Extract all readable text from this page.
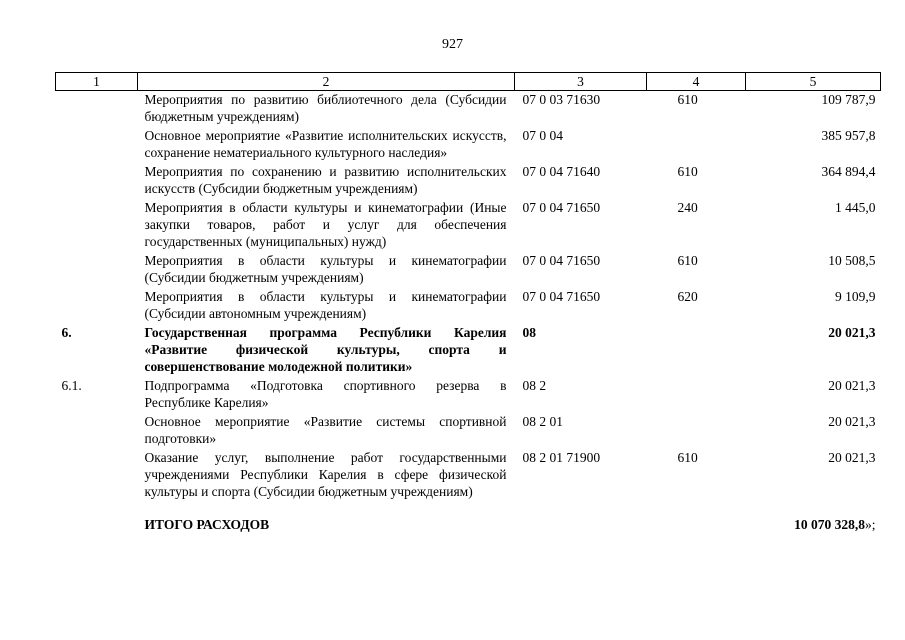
927
1	2	3	4	5
	Мероприятия по развитию библиотечного дела (Субсидии бюджетным учреждениям)	07 0 03 71630	610	109 787,9
	Основное мероприятие «Развитие исполнительских искусств, сохранение нематериального культурного наследия»	07 0 04		385 957,8
	Мероприятия по сохранению и развитию исполнительских искусств (Субсидии бюджетным учреждениям)	07 0 04 71640	610	364 894,4
	Мероприятия в области культуры и кинематографии (Иные закупки товаров, работ и услуг для обеспечения государственных (муниципальных) нужд)	07 0 04 71650	240	1 445,0
	Мероприятия в области культуры и кинематографии (Субсидии бюджетным учреждениям)	07 0 04 71650	610	10 508,5
	Мероприятия в области культуры и кинематографии (Субсидии автономным учреждениям)	07 0 04 71650	620	9 109,9
6.	Государственная программа Республики Карелия «Развитие физической культуры, спорта и совершенствование молодежной политики»	08		20 021,3
6.1.	Подпрограмма «Подготовка спортивного резерва в Республике Карелия»	08 2		20 021,3
	Основное мероприятие «Развитие системы спортивной подготовки»	08 2 01		20 021,3
	Оказание услуг, выполнение работ государственными учреждениями Республики Карелия в сфере физической культуры и спорта (Субсидии бюджетным учреждениям)	08 2 01 71900	610	20 021,3
	ИТОГО РАСХОДОВ			10 070 328,8»;
